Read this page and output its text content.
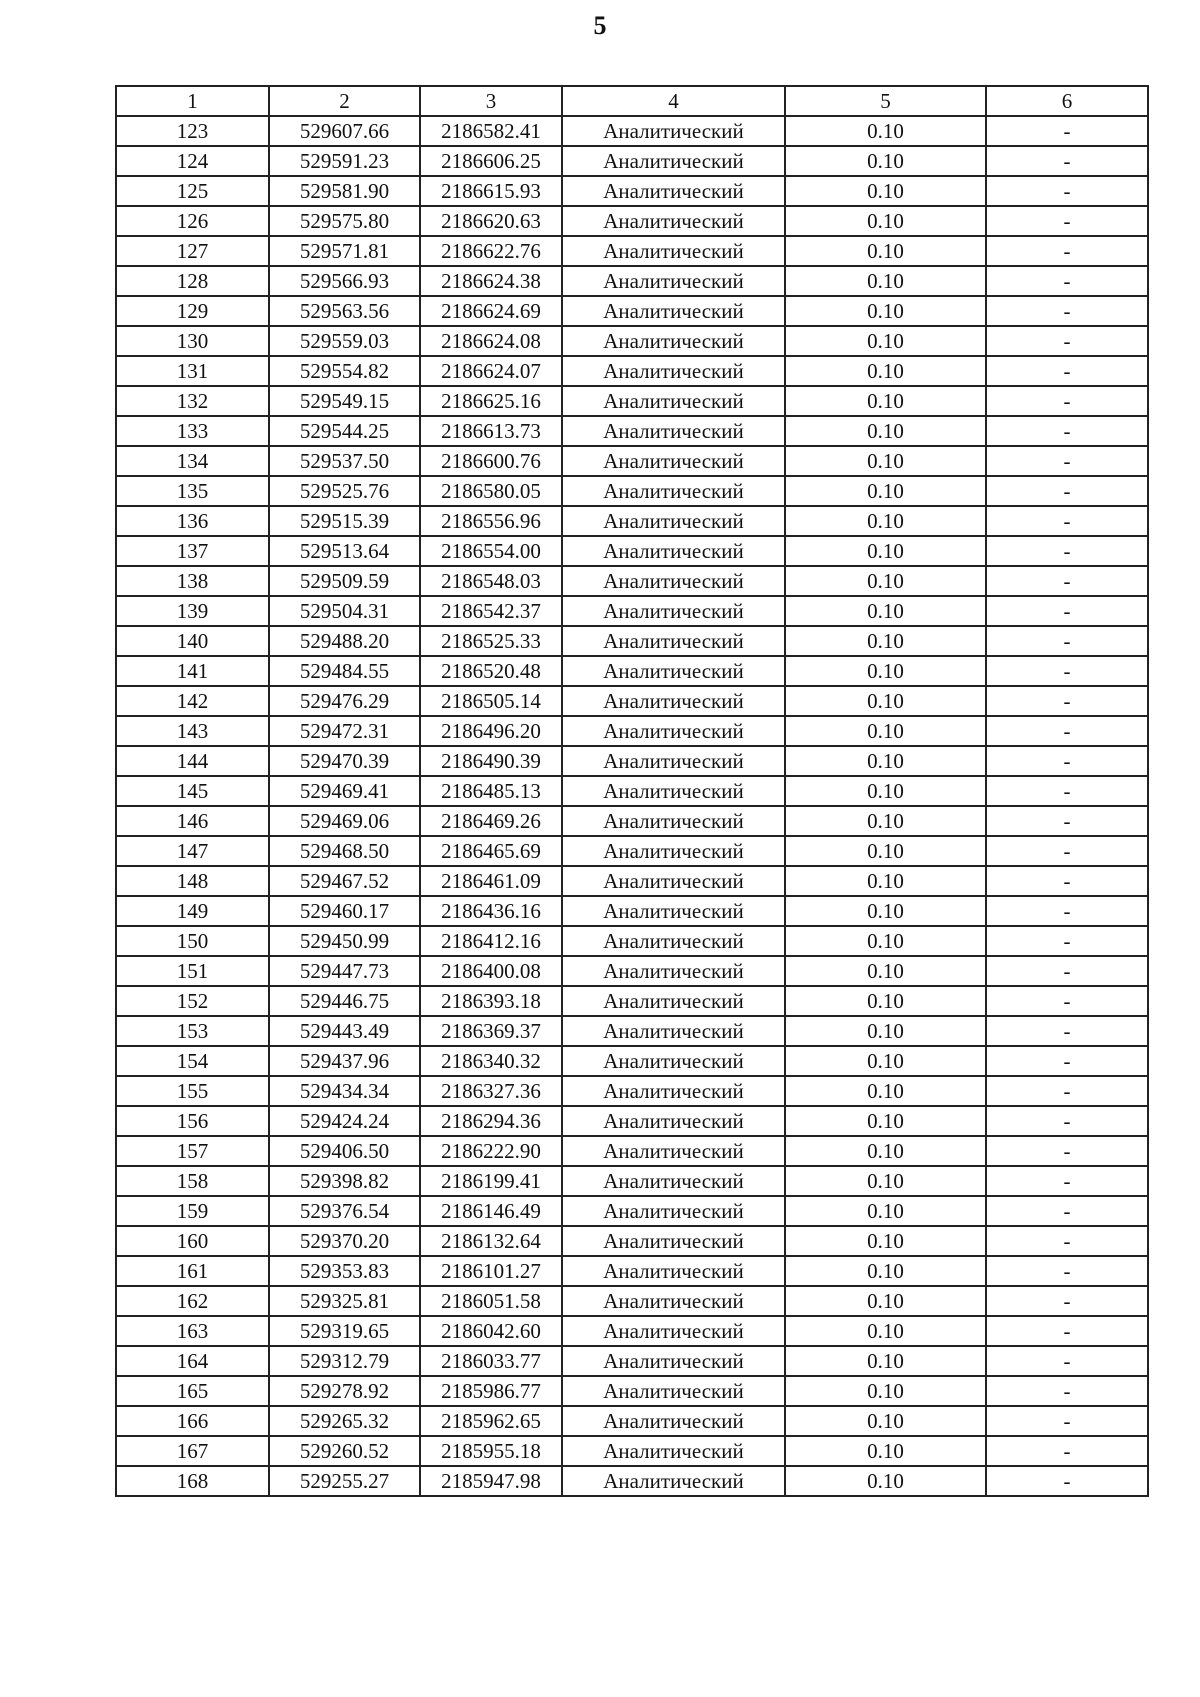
5
1	2	3	4	5	6
123	529607.66	2186582.41	Аналитический	0.10	-
124	529591.23	2186606.25	Аналитический	0.10	-
125	529581.90	2186615.93	Аналитический	0.10	-
126	529575.80	2186620.63	Аналитический	0.10	-
127	529571.81	2186622.76	Аналитический	0.10	-
128	529566.93	2186624.38	Аналитический	0.10	-
129	529563.56	2186624.69	Аналитический	0.10	-
130	529559.03	2186624.08	Аналитический	0.10	-
131	529554.82	2186624.07	Аналитический	0.10	-
132	529549.15	2186625.16	Аналитический	0.10	-
133	529544.25	2186613.73	Аналитический	0.10	-
134	529537.50	2186600.76	Аналитический	0.10	-
135	529525.76	2186580.05	Аналитический	0.10	-
136	529515.39	2186556.96	Аналитический	0.10	-
137	529513.64	2186554.00	Аналитический	0.10	-
138	529509.59	2186548.03	Аналитический	0.10	-
139	529504.31	2186542.37	Аналитический	0.10	-
140	529488.20	2186525.33	Аналитический	0.10	-
141	529484.55	2186520.48	Аналитический	0.10	-
142	529476.29	2186505.14	Аналитический	0.10	-
143	529472.31	2186496.20	Аналитический	0.10	-
144	529470.39	2186490.39	Аналитический	0.10	-
145	529469.41	2186485.13	Аналитический	0.10	-
146	529469.06	2186469.26	Аналитический	0.10	-
147	529468.50	2186465.69	Аналитический	0.10	-
148	529467.52	2186461.09	Аналитический	0.10	-
149	529460.17	2186436.16	Аналитический	0.10	-
150	529450.99	2186412.16	Аналитический	0.10	-
151	529447.73	2186400.08	Аналитический	0.10	-
152	529446.75	2186393.18	Аналитический	0.10	-
153	529443.49	2186369.37	Аналитический	0.10	-
154	529437.96	2186340.32	Аналитический	0.10	-
155	529434.34	2186327.36	Аналитический	0.10	-
156	529424.24	2186294.36	Аналитический	0.10	-
157	529406.50	2186222.90	Аналитический	0.10	-
158	529398.82	2186199.41	Аналитический	0.10	-
159	529376.54	2186146.49	Аналитический	0.10	-
160	529370.20	2186132.64	Аналитический	0.10	-
161	529353.83	2186101.27	Аналитический	0.10	-
162	529325.81	2186051.58	Аналитический	0.10	-
163	529319.65	2186042.60	Аналитический	0.10	-
164	529312.79	2186033.77	Аналитический	0.10	-
165	529278.92	2185986.77	Аналитический	0.10	-
166	529265.32	2185962.65	Аналитический	0.10	-
167	529260.52	2185955.18	Аналитический	0.10	-
168	529255.27	2185947.98	Аналитический	0.10	-
